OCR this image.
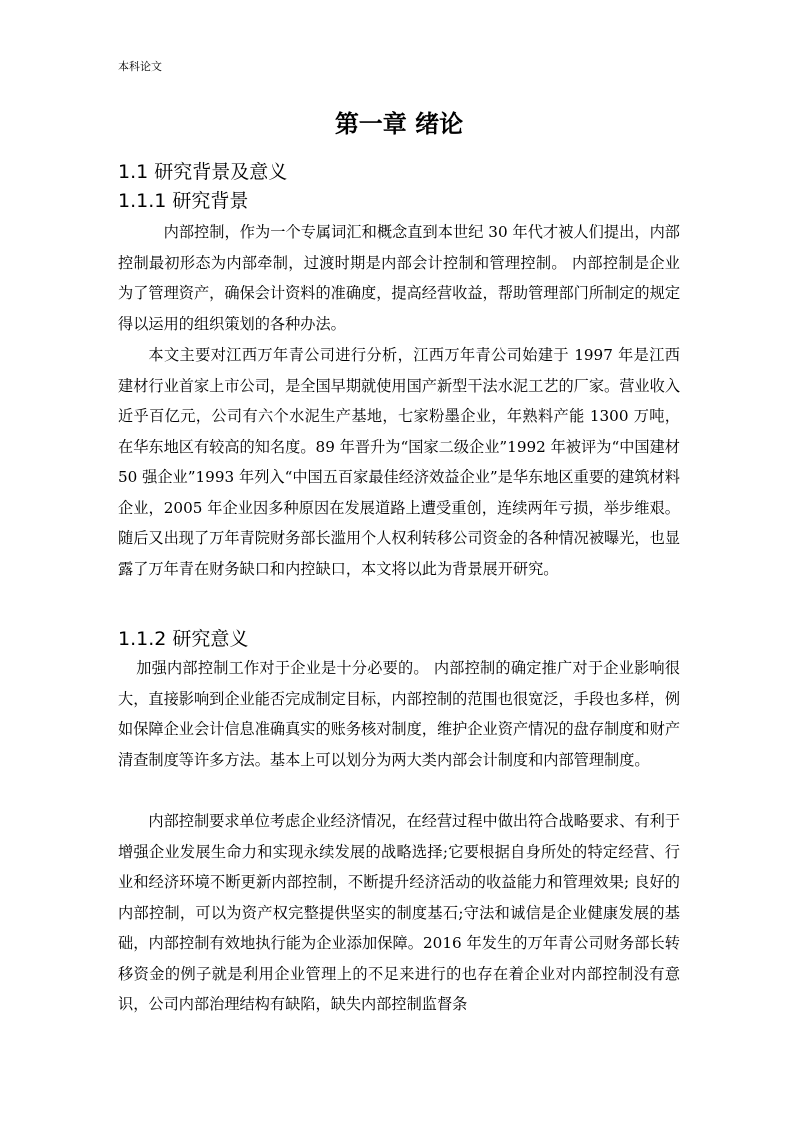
本科论文
第一章 绪论
1.1 研究背景及意义
1.1.1 研究背景

内部控制，作为一个专属词汇和概念直到本世纪 30 年代才被人们提出，内部控制最初形态为内部牵制，过渡时期是内部会计控制和管理控制。 内部控制是企业为了管理资产，确保会计资料的准确度，提高经营收益，帮助管理部门所制定的规定得以运用的组织策划的各种办法。

本文主要对江西万年青公司进行分析，江西万年青公司始建于 1997 年是江西建材行业首家上市公司，是全国早期就使用国产新型干法水泥工艺的厂家。营业收入近乎百亿元，公司有六个水泥生产基地，七家粉墨企业，年熟料产能 1300 万吨，在华东地区有较高的知名度。89 年晋升为“国家二级企业”1992 年被评为“中国建材 50 强企业”1993 年列入“中国五百家最佳经济效益企业”是华东地区重要的建筑材料企业，2005 年企业因多种原因在发展道路上遭受重创，连续两年亏损，举步维艰。随后又出现了万年青院财务部长滥用个人权利转移公司资金的各种情况被曝光，也显露了万年青在财务缺口和内控缺口，本文将以此为背景展开研究。

1.1.2 研究意义

加强内部控制工作对于企业是十分必要的。 内部控制的确定推广对于企业影响很大，直接影响到企业能否完成制定目标，内部控制的范围也很宽泛，手段也多样，例如保障企业会计信息准确真实的账务核对制度，维护企业资产情况的盘存制度和财产清查制度等许多方法。基本上可以划分为两大类内部会计制度和内部管理制度。

内部控制要求单位考虑企业经济情况，在经营过程中做出符合战略要求、有利于增强企业发展生命力和实现永续发展的战略选择;它要根据自身所处的特定经营、行业和经济环境不断更新内部控制，不断提升经济活动的收益能力和管理效果; 良好的内部控制，可以为资产权完整提供坚实的制度基石;守法和诚信是企业健康发展的基础，内部控制有效地执行能为企业添加保障。2016 年发生的万年青公司财务部长转移资金的例子就是利用企业管理上的不足来进行的也存在着企业对内部控制没有意识，公司内部治理结构有缺陷，缺失内部控制监督条
